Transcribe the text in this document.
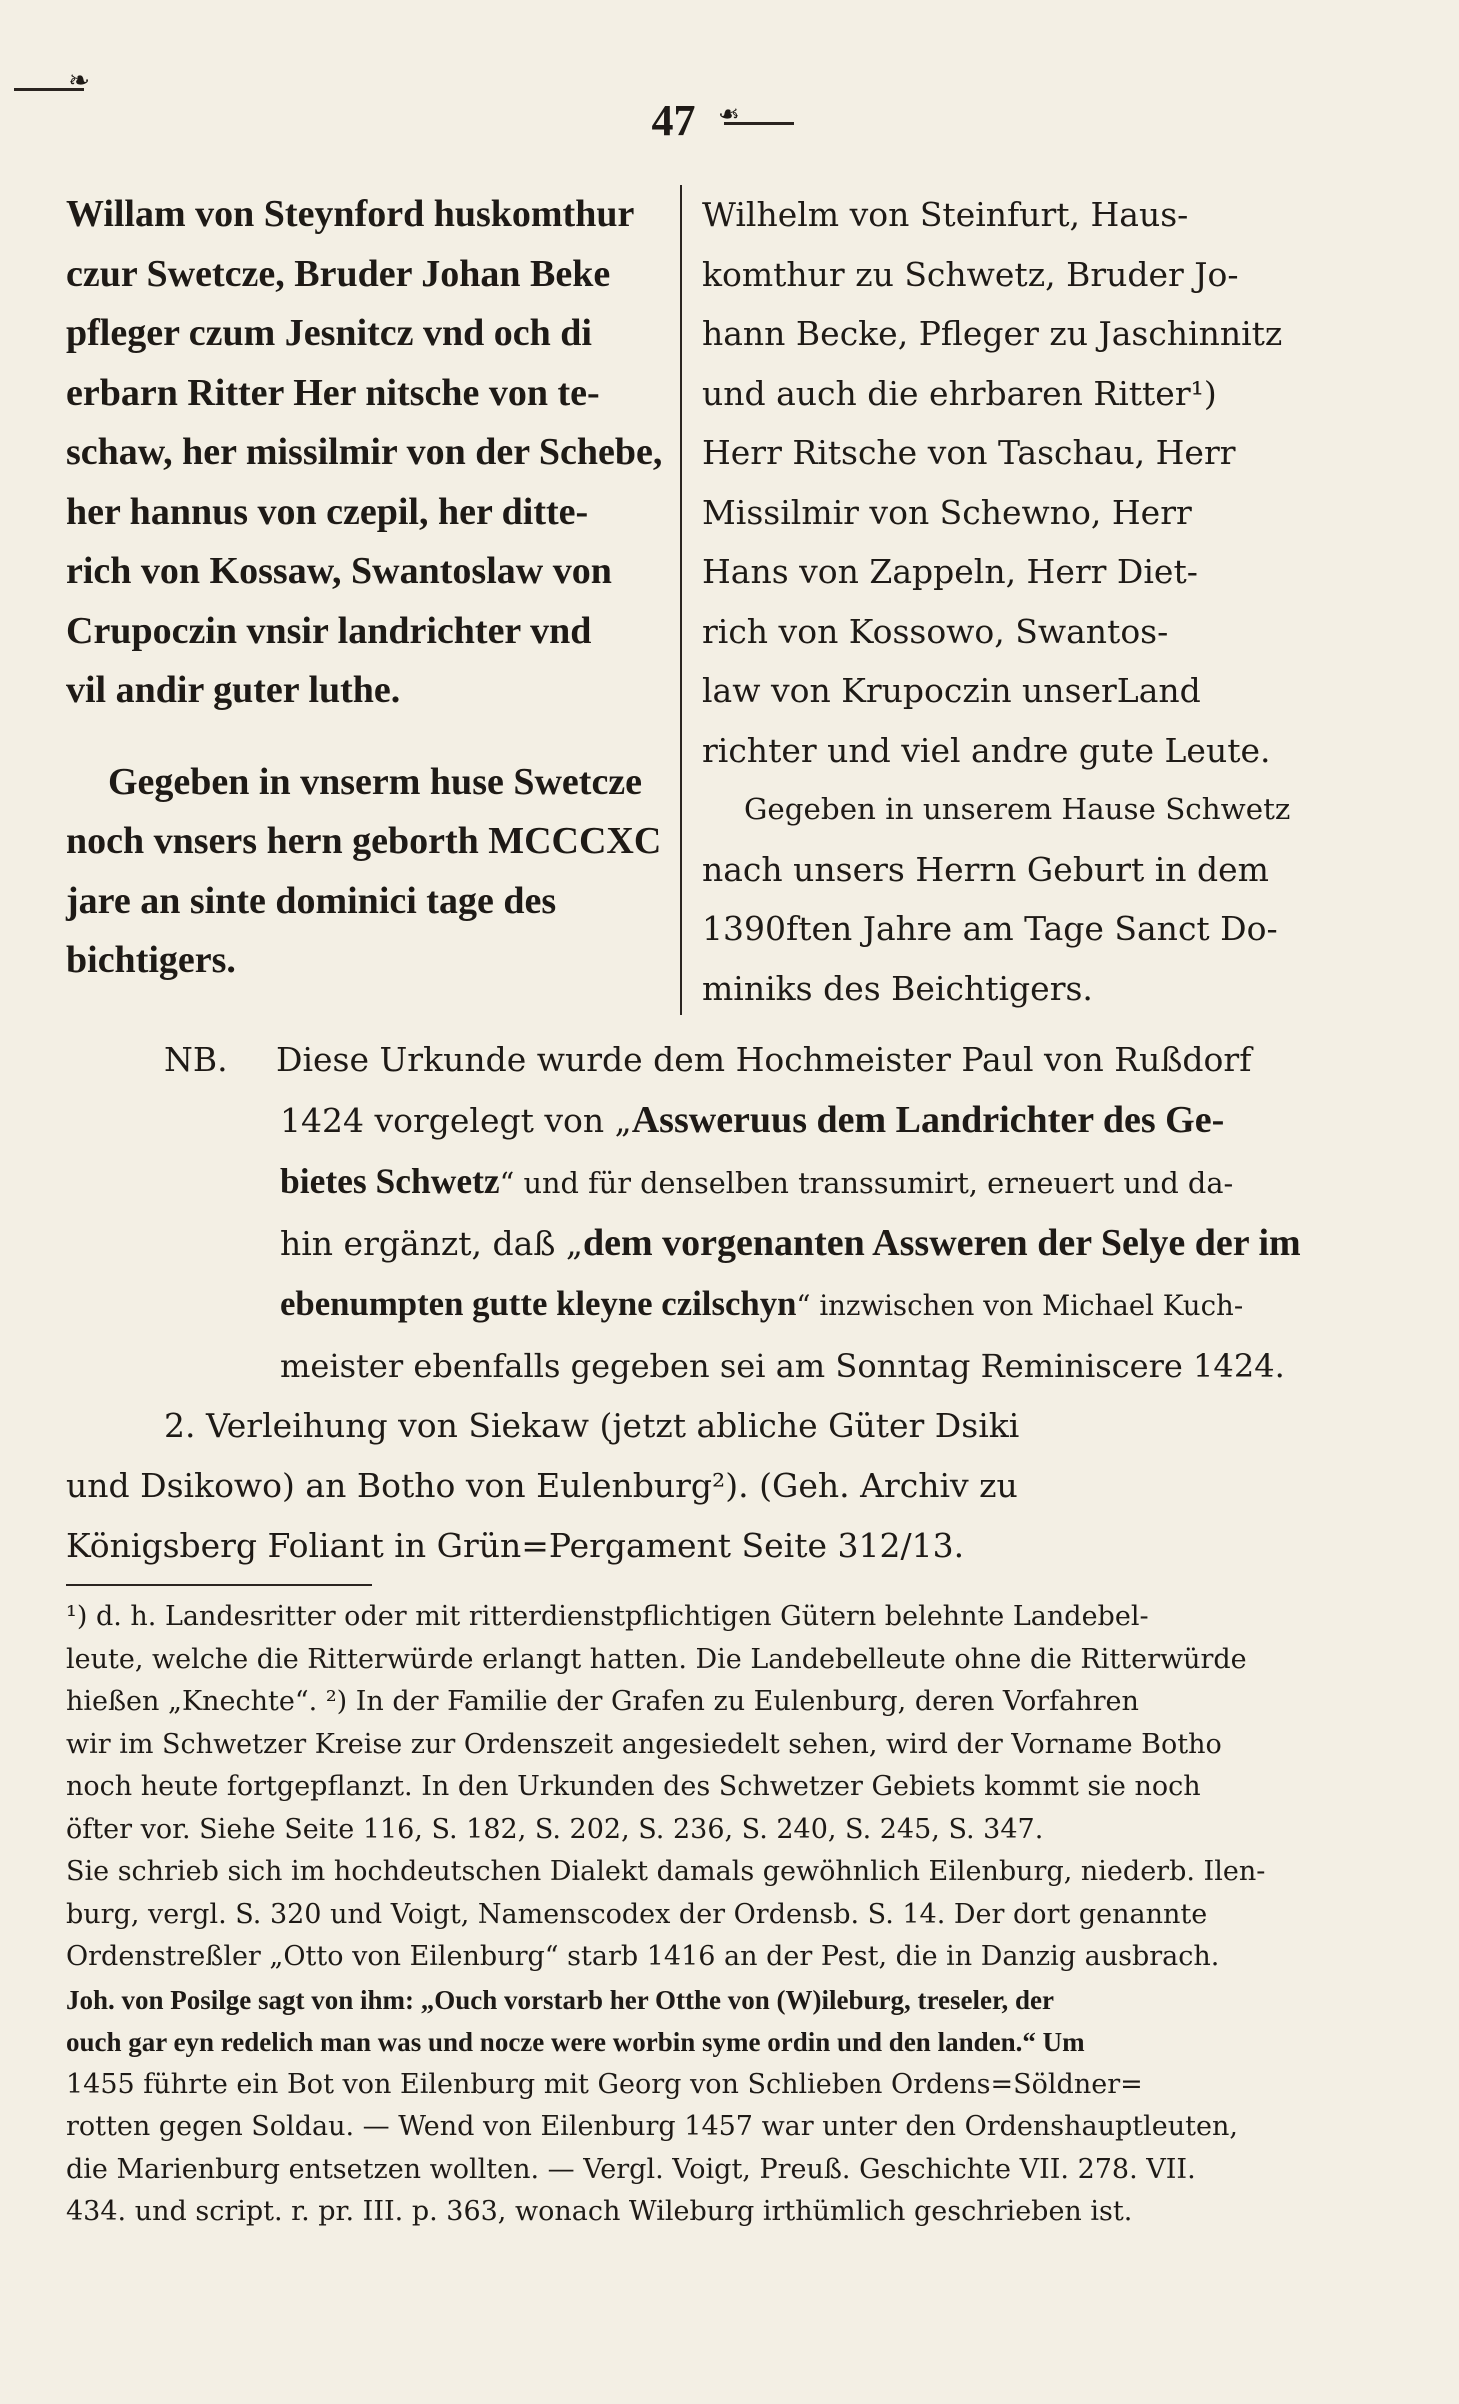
❧
47 ❧
Willam von Steynford huskomthur
czur Swetcze, Bruder Johan Beke
pfleger czum Jesnitcz vnd och di
erbarn Ritter Her nitsche von te-
schaw, her missilmir von der Schebe,
her hannus von czepil, her ditte-
rich von Kossaw, Swantoslaw von
Crupoczin vnsir landrichter vnd
vil andir guter luthe.
Gegeben in vnserm huse Swetcze
noch vnsers hern geborth MCCCXC
jare an sinte dominici tage des
bichtigers.
Wilhelm von Steinfurt, Haus-
komthur zu Schwetz, Bruder Jo-
hann Becke, Pfleger zu Jaschinnitz
und auch die ehrbaren Ritter¹)
Herr Ritsche von Taschau, Herr
Missilmir von Schewno, Herr
Hans von Zappeln, Herr Diet-
rich von Kossowo, Swantos-
law von Krupoczin unserLand
richter und viel andre gute Leute.
Gegeben in unserem Hause Schwetz
nach unsers Herrn Geburt in dem
1390ften Jahre am Tage Sanct Do-
miniks des Beichtigers.
NB. Diese Urkunde wurde dem Hochmeister Paul von Rußdorf
1424 vorgelegt von „Assweruus dem Landrichter des Ge-
bietes Schwetz“ und für denselben transsumirt, erneuert und da-
hin ergänzt, daß „dem vorgenanten Assweren der Selye der im
ebenumpten gutte kleyne czilschyn“ inzwischen von Michael Kuch-
meister ebenfalls gegeben sei am Sonntag Reminiscere 1424.
2. Verleihung von Siekaw (jetzt abliche Güter Dsiki
und Dsikowo) an Botho von Eulenburg²). (Geh. Archiv zu
Königsberg Foliant in Grün=Pergament Seite 312/13.
¹) d. h. Landesritter oder mit ritterdienstpflichtigen Gütern belehnte Landebel-
leute, welche die Ritterwürde erlangt hatten. Die Landebelleute ohne die Ritterwürde
hießen „Knechte“. ²) In der Familie der Grafen zu Eulenburg, deren Vorfahren
wir im Schwetzer Kreise zur Ordenszeit angesiedelt sehen, wird der Vorname Botho
noch heute fortgepflanzt. In den Urkunden des Schwetzer Gebiets kommt sie noch
öfter vor. Siehe Seite 116, S. 182, S. 202, S. 236, S. 240, S. 245, S. 347.
Sie schrieb sich im hochdeutschen Dialekt damals gewöhnlich Eilenburg, niederb. Ilen-
burg, vergl. S. 320 und Voigt, Namenscodex der Ordensb. S. 14. Der dort genannte
Ordenstreßler „Otto von Eilenburg“ starb 1416 an der Pest, die in Danzig ausbrach.
Joh. von Posilge sagt von ihm: „Ouch vorstarb her Otthe von (W)ileburg, treseler, der
ouch gar eyn redelich man was und nocze were worbin syme ordin und den landen.“ Um
1455 führte ein Bot von Eilenburg mit Georg von Schlieben Ordens=Söldner=
rotten gegen Soldau. — Wend von Eilenburg 1457 war unter den Ordenshauptleuten,
die Marienburg entsetzen wollten. — Vergl. Voigt, Preuß. Geschichte VII. 278. VII.
434. und script. r. pr. III. p. 363, wonach Wileburg irthümlich geschrieben ist.
